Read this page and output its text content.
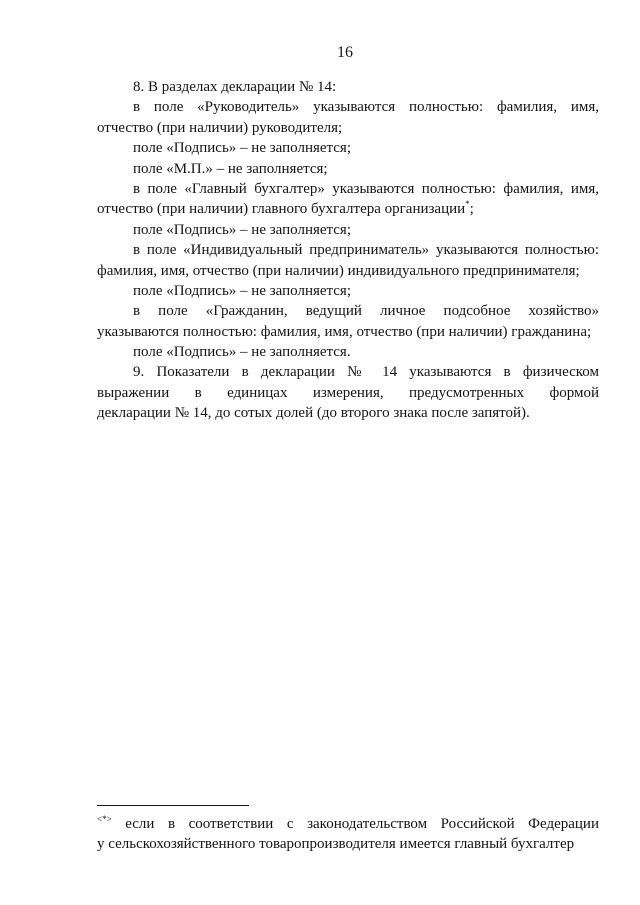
16
8. В разделах декларации № 14:
в поле «Руководитель» указываются полностью: фамилия, имя,
отчество (при наличии) руководителя;
поле «Подпись» – не заполняется;
поле «М.П.» – не заполняется;
в поле «Главный бухгалтер» указываются полностью: фамилия, имя,
отчество (при наличии) главного бухгалтера организации*;
поле «Подпись» – не заполняется;
в поле «Индивидуальный предприниматель» указываются полностью:
фамилия, имя, отчество (при наличии) индивидуального предпринимателя;
поле «Подпись» – не заполняется;
в поле «Гражданин, ведущий личное подсобное хозяйство»
указываются полностью: фамилия, имя, отчество (при наличии) гражданина;
поле «Подпись» – не заполняется.
9. Показатели в декларации № 14 указываются в физическом
выражении в единицах измерения, предусмотренных формой
декларации № 14, до сотых долей (до второго знака после запятой).
<*> если в соответствии с законодательством Российской Федерации
у сельскохозяйственного товаропроизводителя имеется главный бухгалтер
